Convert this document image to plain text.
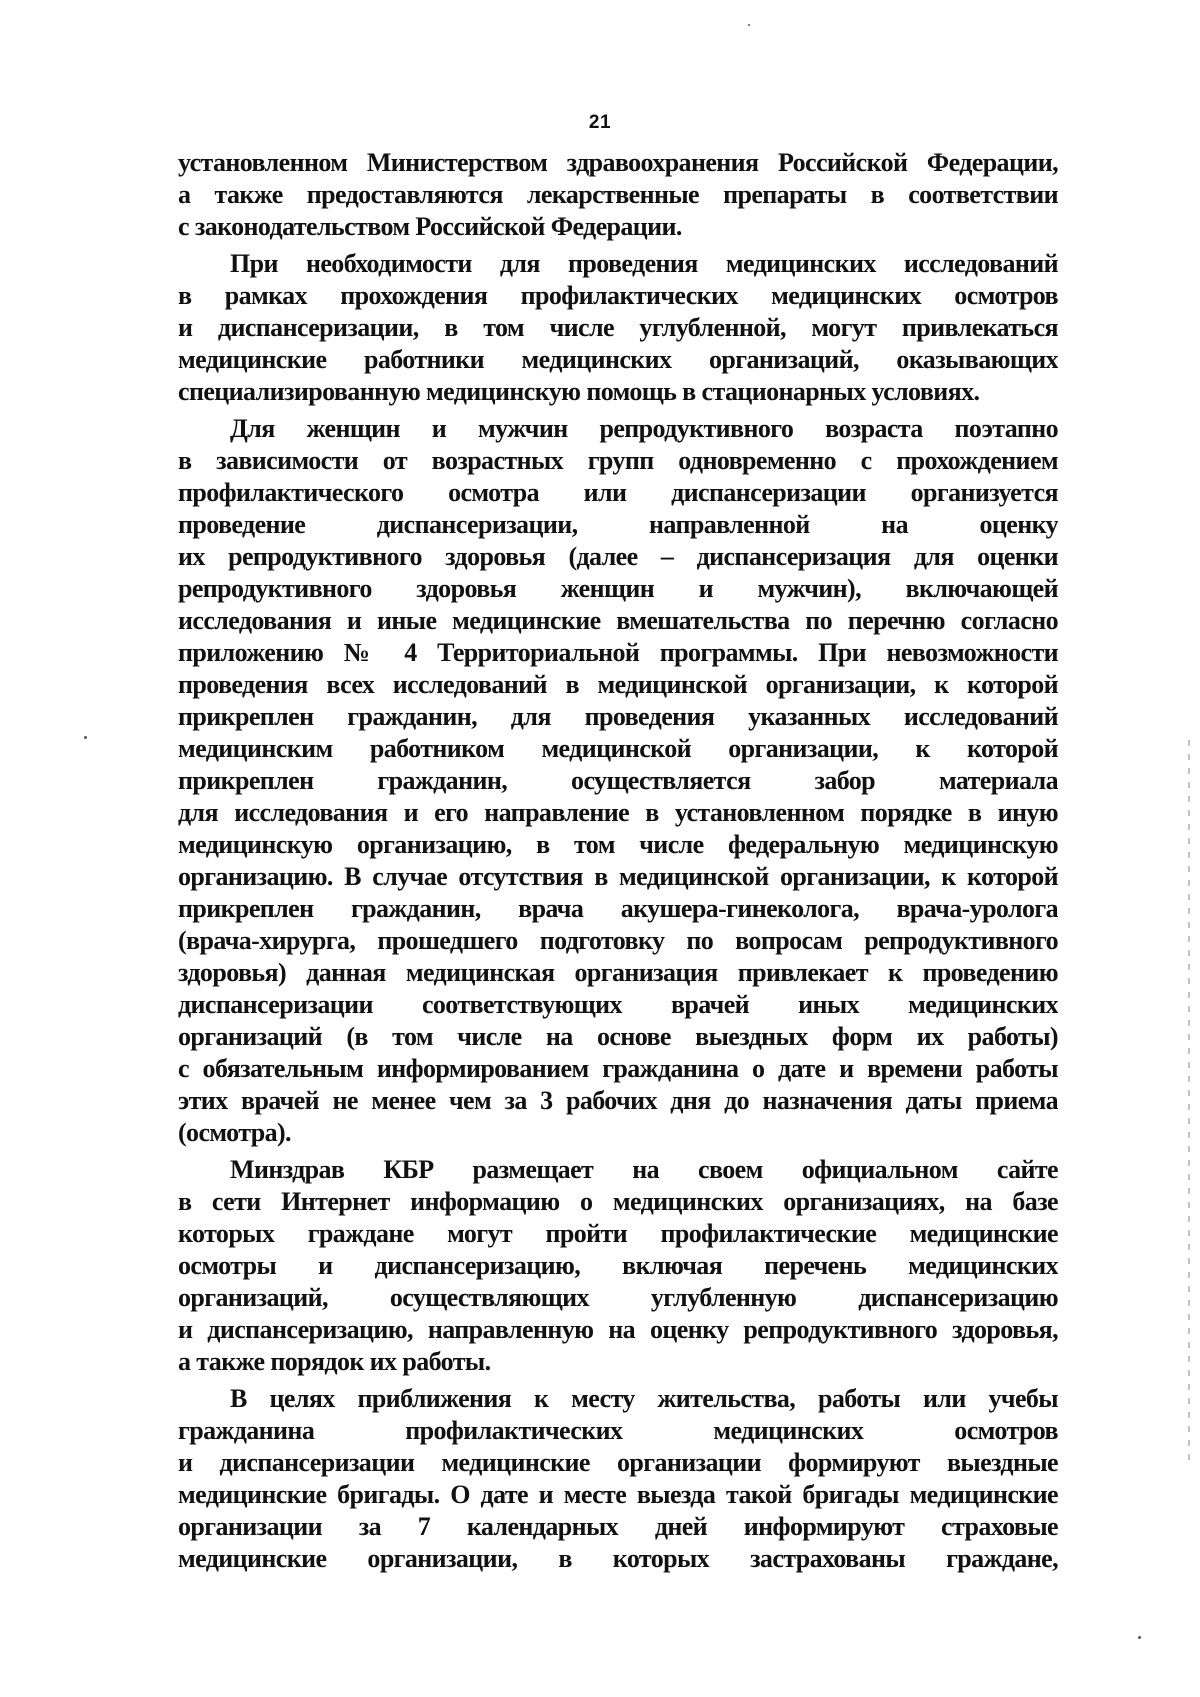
21
установленном Министерством здравоохранения Российской Федерации,
а также предоставляются лекарственные препараты в соответствии
с законодательством Российской Федерации.
При необходимости для проведения медицинских исследований
в рамках прохождения профилактических медицинских осмотров
и диспансеризации, в том числе углубленной, могут привлекаться
медицинские работники медицинских организаций, оказывающих
специализированную медицинскую помощь в стационарных условиях.
Для женщин и мужчин репродуктивного возраста поэтапно
в зависимости от возрастных групп одновременно с прохождением
профилактического осмотра или диспансеризации организуется
проведение диспансеризации, направленной на оценку
их репродуктивного здоровья (далее – диспансеризация для оценки
репродуктивного здоровья женщин и мужчин), включающей
исследования и иные медицинские вмешательства по перечню согласно
приложению № 4 Территориальной программы. При невозможности
проведения всех исследований в медицинской организации, к которой
прикреплен гражданин, для проведения указанных исследований
медицинским работником медицинской организации, к которой
прикреплен гражданин, осуществляется забор материала
для исследования и его направление в установленном порядке в иную
медицинскую организацию, в том числе федеральную медицинскую
организацию. В случае отсутствия в медицинской организации, к которой
прикреплен гражданин, врача акушера-гинеколога, врача-уролога
(врача-хирурга, прошедшего подготовку по вопросам репродуктивного
здоровья) данная медицинская организация привлекает к проведению
диспансеризации соответствующих врачей иных медицинских
организаций (в том числе на основе выездных форм их работы)
с обязательным информированием гражданина о дате и времени работы
этих врачей не менее чем за 3 рабочих дня до назначения даты приема
(осмотра).
Минздрав КБР размещает на своем официальном сайте
в сети Интернет информацию о медицинских организациях, на базе
которых граждане могут пройти профилактические медицинские
осмотры и диспансеризацию, включая перечень медицинских
организаций, осуществляющих углубленную диспансеризацию
и диспансеризацию, направленную на оценку репродуктивного здоровья,
а также порядок их работы.
В целях приближения к месту жительства, работы или учебы
гражданина профилактических медицинских осмотров
и диспансеризации медицинские организации формируют выездные
медицинские бригады. О дате и месте выезда такой бригады медицинские
организации за 7 календарных дней информируют страховые
медицинские организации, в которых застрахованы граждане,
